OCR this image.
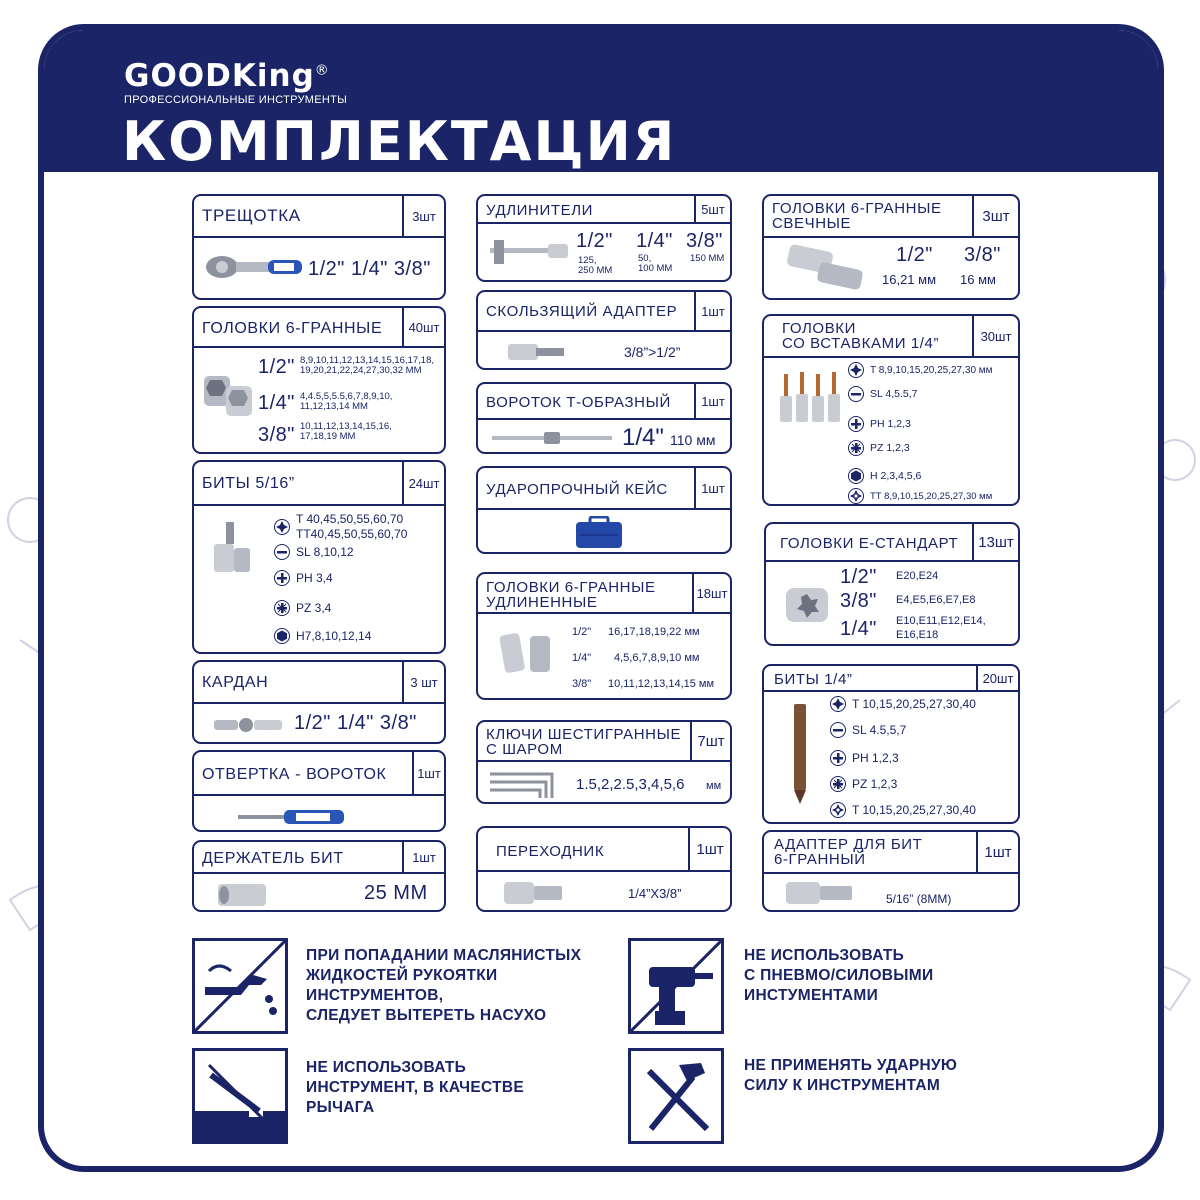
GOODKing®
ПРОФЕССИОНАЛЬНЫЕ ИНСТРУМЕНТЫ
КОМПЛЕКТАЦИЯ
ТРЕЩОТКА	3шт
1/2" 1/4" 3/8"
ГОЛОВКИ 6-ГРАННЫЕ	40шт
1/2" 8,9,10,11,12,13,14,15,16,17,18,
19,20,21,22,24,27,30,32 MM
1/4" 4,4.5,5,5.5,6,7,8,9,10,
11,12,13,14 MM
3/8" 10,11,12,13,14,15,16,
17,18,19 MM
БИТЫ 5/16”	24шт
T 40,45,50,55,60,70
TT40,45,50,55,60,70
SL 8,10,12
PH 3,4
PZ 3,4
H7,8,10,12,14
КАРДАН	3 шт
1/2" 1/4" 3/8"
ОТВЕРТКА - ВОРОТОК	1шт
ДЕРЖАТЕЛЬ БИТ	1шт
25 MM
УДЛИНИТЕЛИ	5шт
1/2"
125,
250 MM
1/4"
50,
100 MM
3/8"
150 MM
СКОЛЬЗЯЩИЙ АДАПТЕР	1шт
3/8”>1/2”
ВОРОТОК Т-ОБРАЗНЫЙ	1шт
1/4" 110 мм
УДАРОПРОЧНЫЙ КЕЙС	1шт
ГОЛОВКИ 6-ГРАННЫЕ
УДЛИНЕННЫЕ
18шт
1/2" 16,17,18,19,22 мм
1/4" 4,5,6,7,8,9,10 мм
3/8" 10,11,12,13,14,15 мм
КЛЮЧИ ШЕСТИГРАННЫЕ
С ШАРОМ	7шт
1.5,2,2.5,3,4,5,6 мм
ПЕРЕХОДНИК	1шт
1/4”X3/8”
ГОЛОВКИ 6-ГРАННЫЕ
СВЕЧНЫЕ	3шт
1/2"
16,21 мм
3/8"
16 мм
ГОЛОВКИ
СО ВСТАВКАМИ 1/4”	30шт
T 8,9,10,15,20,25,27,30 мм
SL 4,5.5,7
PH 1,2,3
PZ 1,2,3
H 2,3,4,5,6
TT 8,9,10,15,20,25,27,30 мм
ГОЛОВКИ Е-СТАНДАРТ	13шт
1/2" E20,E24
3/8" E4,E5,E6,E7,E8
1/4" E10,E11,E12,E14,
E16,E18
БИТЫ 1/4”	20шт
T 10,15,20,25,27,30,40
SL 4.5,5,7
PH 1,2,3
PZ 1,2,3
T 10,15,20,25,27,30,40
АДАПТЕР ДЛЯ БИТ
6-ГРАННЫЙ	1шт
5/16” (8MM)
ПРИ ПОПАДАНИИ МАСЛЯНИСТЫХ
ЖИДКОСТЕЙ РУКОЯТКИ
ИНСТРУМЕНТОВ,
СЛЕДУЕТ ВЫТЕРЕТЬ НАСУХО
НЕ ИСПОЛЬЗОВАТЬ
С ПНЕВМО/СИЛОВЫМИ
ИНСТУМЕНТАМИ
НЕ ИСПОЛЬЗОВАТЬ
ИНСТРУМЕНТ, В КАЧЕСТВЕ
РЫЧАГА
НЕ ПРИМЕНЯТЬ УДАРНУЮ
СИЛУ К ИНСТРУМЕНТАМ
